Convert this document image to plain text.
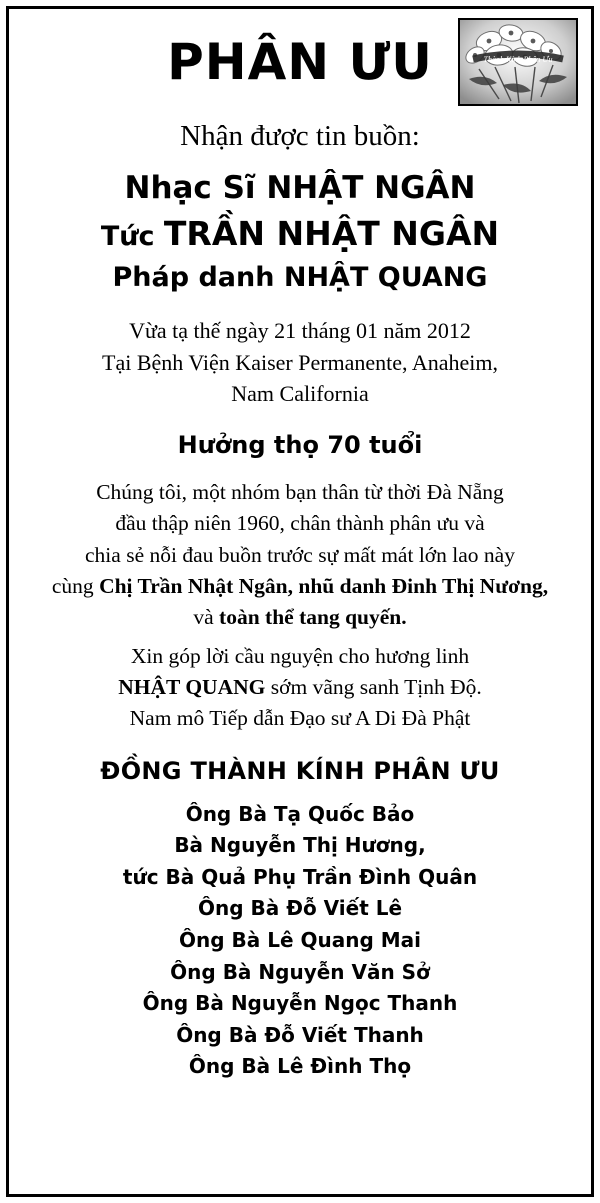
PHÂN ƯU	Thành Kính Phân Ưu
Nhận được tin buồn:
Nhạc Sĩ NHẬT NGÂN
Tức TRẦN NHẬT NGÂN
Pháp danh NHẬT QUANG
Vừa tạ thế ngày 21 tháng 01 năm 2012
Tại Bệnh Viện Kaiser Permanente, Anaheim,
Nam California
Hưởng thọ 70 tuổi
Chúng tôi, một nhóm bạn thân từ thời Đà Nẵng
đầu thập niên 1960, chân thành phân ưu và
chia sẻ nỗi đau buồn trước sự mất mát lớn lao này
cùng Chị Trần Nhật Ngân, nhũ danh Đinh Thị Nương,
và toàn thể tang quyến.
Xin góp lời cầu nguyện cho hương linh
NHẬT QUANG sớm vãng sanh Tịnh Độ.
Nam mô Tiếp dẫn Đạo sư A Di Đà Phật
ĐỒNG THÀNH KÍNH PHÂN ƯU
Ông Bà Tạ Quốc Bảo
Bà Nguyễn Thị Hương,
tức Bà Quả Phụ Trần Đình Quân
Ông Bà Đỗ Viết Lê
Ông Bà Lê Quang Mai
Ông Bà Nguyễn Văn Sở
Ông Bà Nguyễn Ngọc Thanh
Ông Bà Đỗ Viết Thanh
Ông Bà Lê Đình Thọ
